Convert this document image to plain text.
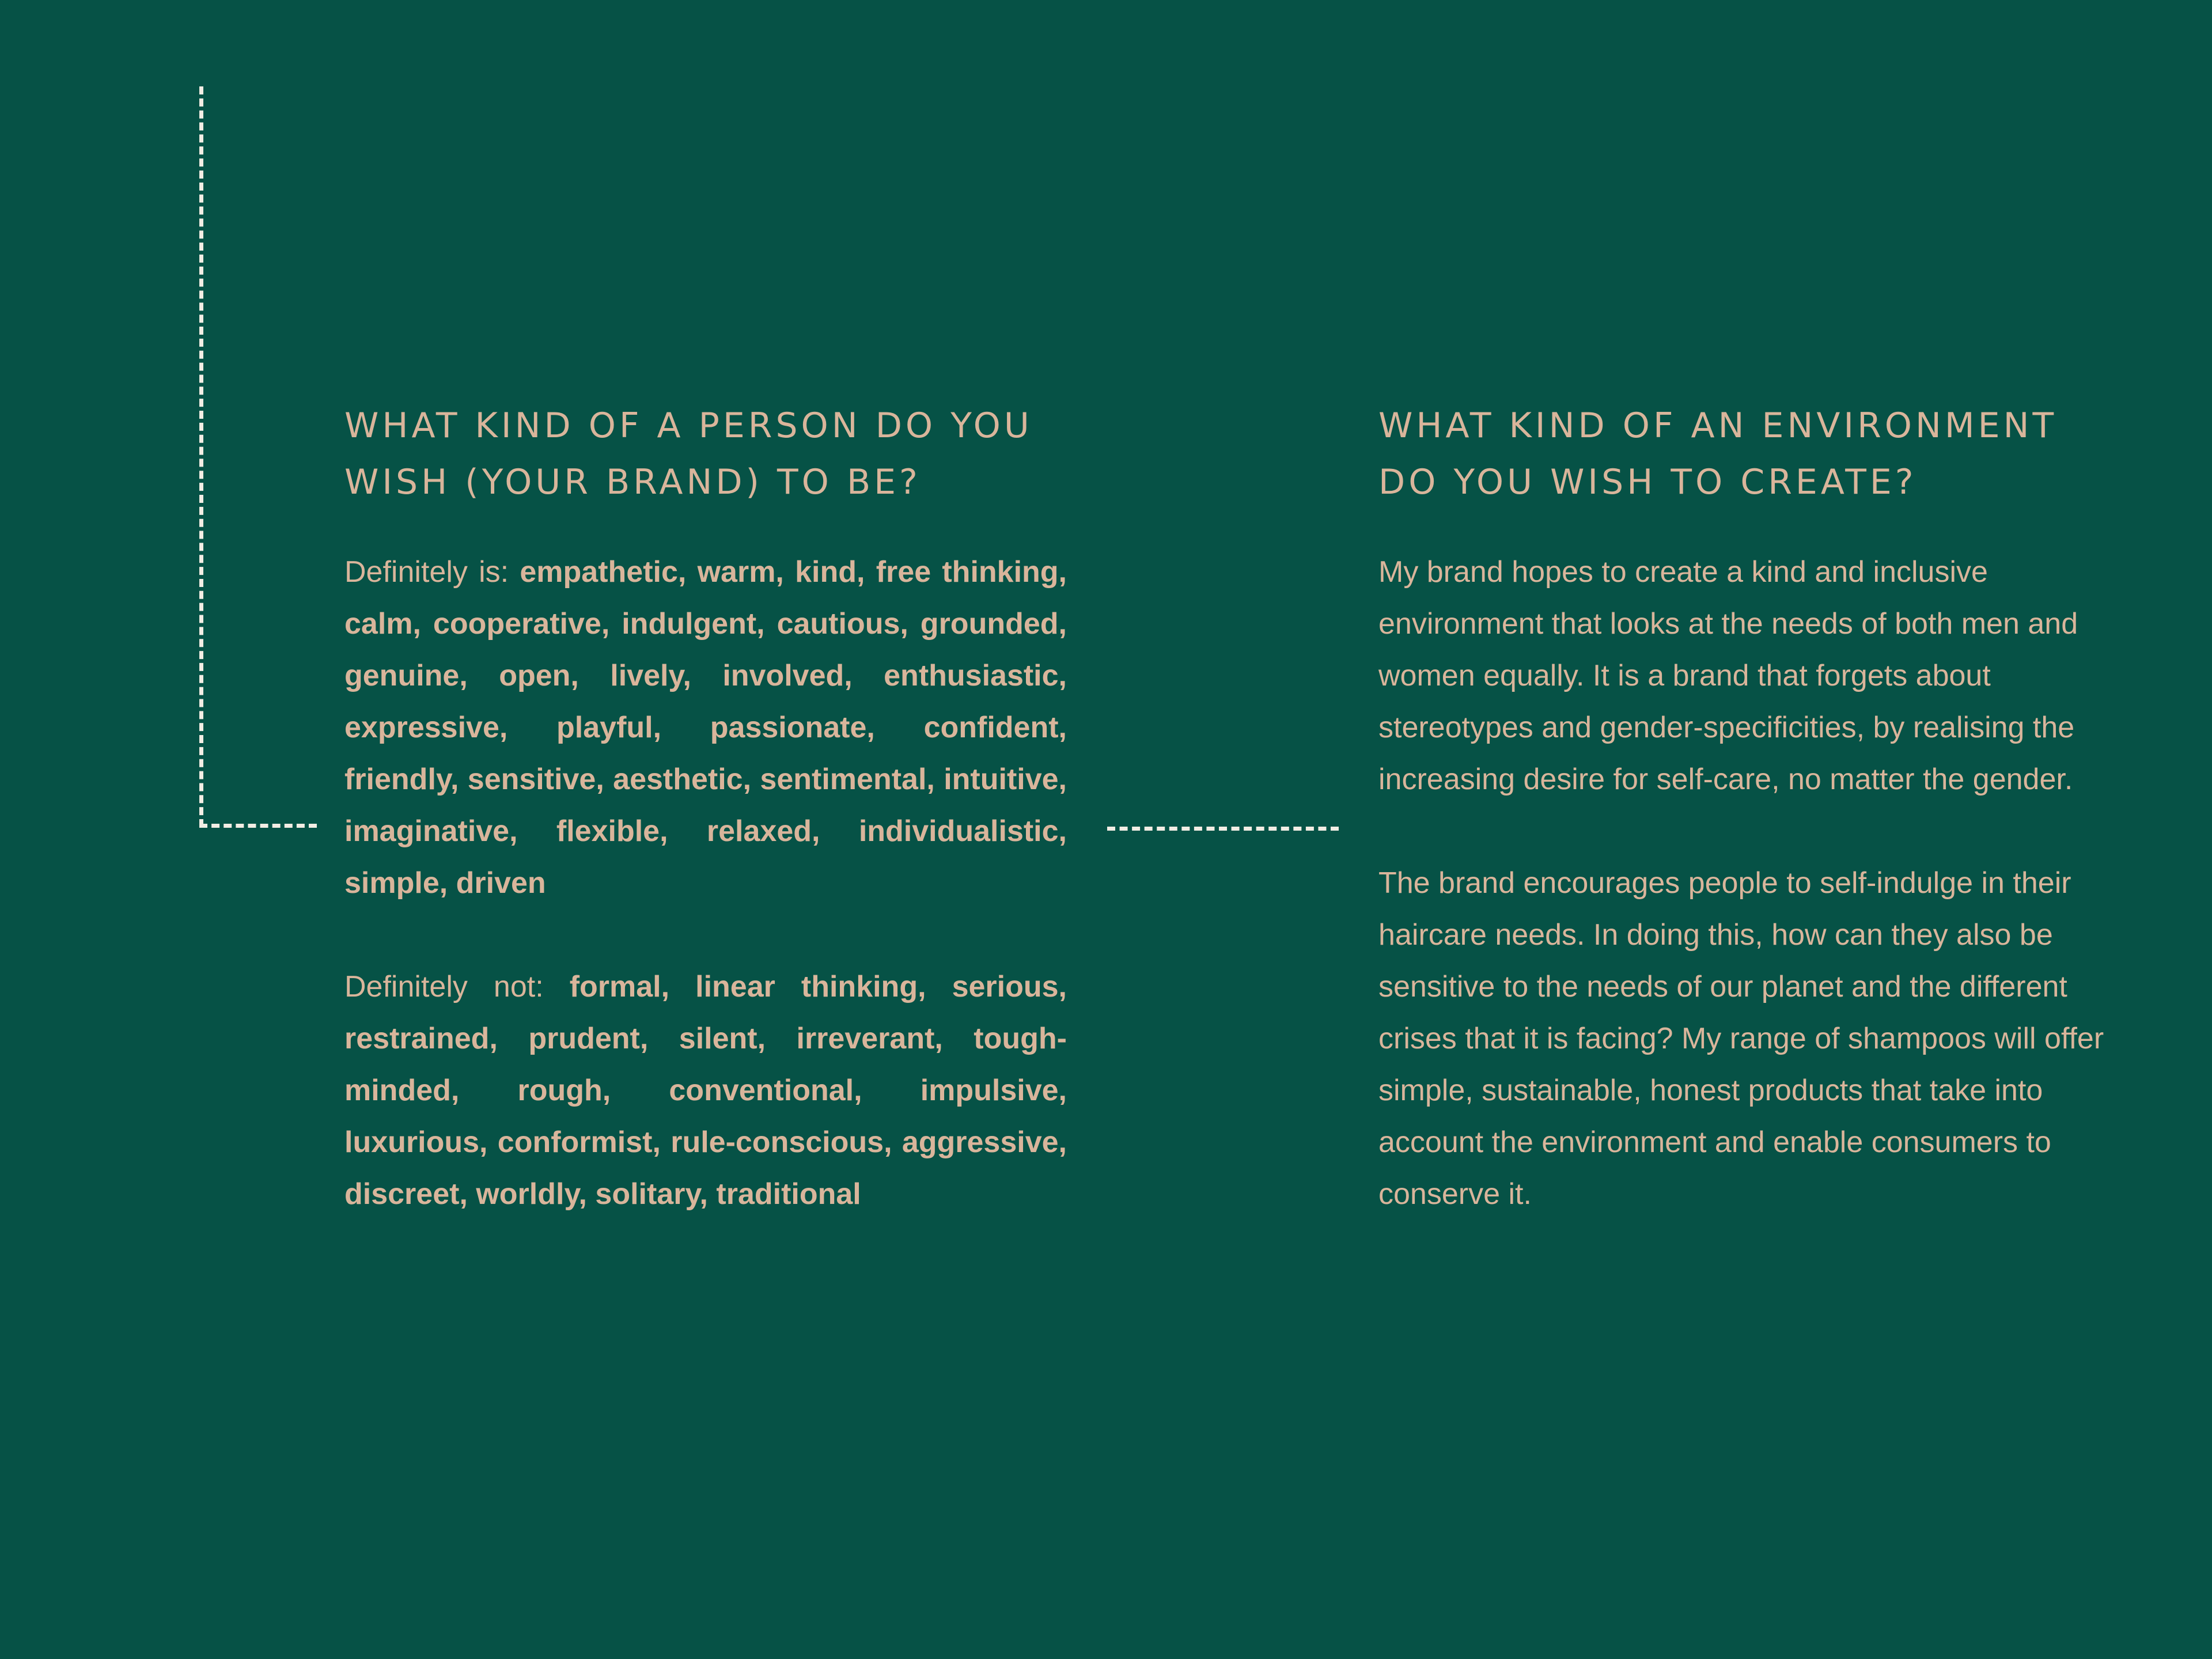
WHAT KIND OF A PERSON DO YOU
WISH (YOUR BRAND) TO BE?

Definitely is: empathetic, warm, kind, free thinking, calm, cooperative, indulgent, cautious, grounded, genuine, open, lively, involved, enthusiastic, expressive, playful, passionate, confident, friendly, sensitive, aesthetic, sentimental, intuitive, imaginative, flexible, relaxed, individualistic, simple, driven

Definitely not: formal, linear thinking, serious, restrained, prudent, silent, irreverant, tough-minded, rough, conventional, impulsive, luxurious, conformist, rule-conscious, aggressive, discreet, worldly, solitary, traditional

WHAT KIND OF AN ENVIRONMENT
DO YOU WISH TO CREATE?

My brand hopes to create a kind and inclusive environment that looks at the needs of both men and women equally. It is a brand that forgets about stereotypes and gender-specificities, by realising the increasing desire for self-care, no matter the gender.

The brand encourages people to self-indulge in their haircare needs. In doing this, how can they also be sensitive to the needs of our planet and the different crises that it is facing? My range of shampoos will offer simple, sustainable, honest products that take into account the environment and enable consumers to conserve it.
